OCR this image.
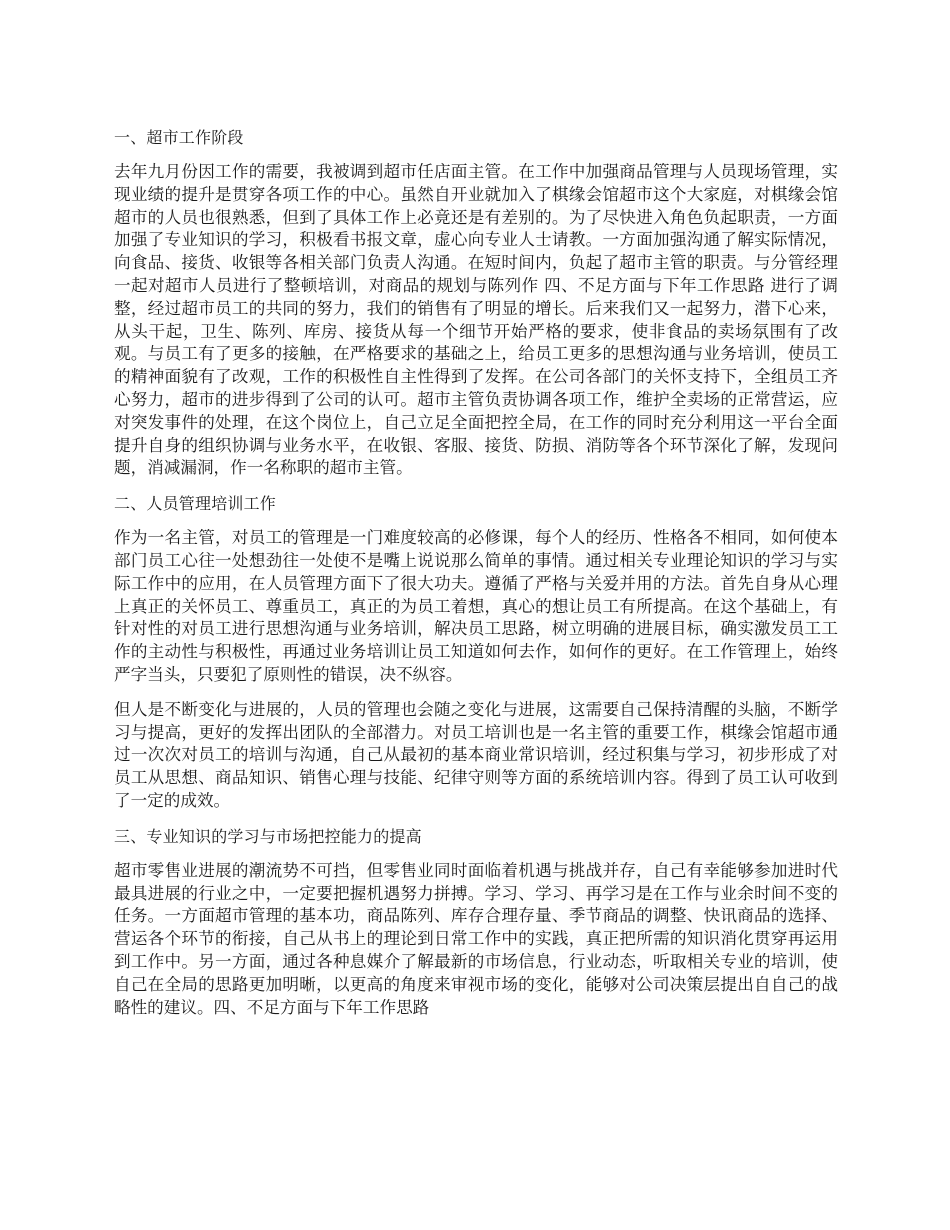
一、超市工作阶段
去年九月份因工作的需要，我被调到超市任店面主管。在工作中加强商品管理与人员现场管理，实现业绩的提升是贯穿各项工作的中心。虽然自开业就加入了棋缘会馆超市这个大家庭，对棋缘会馆超市的人员也很熟悉，但到了具体工作上必竟还是有差别的。为了尽快进入角色负起职责，一方面加强了专业知识的学习，积极看书报文章，虚心向专业人士请教。一方面加强沟通了解实际情况，向食品、接货、收银等各相关部门负责人沟通。在短时间内，负起了超市主管的职责。与分管经理一起对超市人员进行了整顿培训，对商品的规划与陈列作 四、不足方面与下年工作思路 进行了调整，经过超市员工的共同的努力，我们的销售有了明显的增长。后来我们又一起努力，潜下心来，从头干起，卫生、陈列、库房、接货从每一个细节开始严格的要求，使非食品的卖场氛围有了改观。与员工有了更多的接触，在严格要求的基础之上，给员工更多的思想沟通与业务培训，使员工的精神面貌有了改观，工作的积极性自主性得到了发挥。在公司各部门的关怀支持下，全组员工齐心努力，超市的进步得到了公司的认可。超市主管负责协调各项工作，维护全卖场的正常营运，应对突发事件的处理，在这个岗位上，自己立足全面把控全局，在工作的同时充分利用这一平台全面提升自身的组织协调与业务水平，在收银、客服、接货、防损、消防等各个环节深化了解，发现问题，消减漏洞，作一名称职的超市主管。
二、人员管理培训工作
作为一名主管，对员工的管理是一门难度较高的必修课，每个人的经历、性格各不相同，如何使本部门员工心往一处想劲往一处使不是嘴上说说那么简单的事情。通过相关专业理论知识的学习与实际工作中的应用，在人员管理方面下了很大功夫。遵循了严格与关爱并用的方法。首先自身从心理上真正的关怀员工、尊重员工，真正的为员工着想，真心的想让员工有所提高。在这个基础上，有针对性的对员工进行思想沟通与业务培训，解决员工思路，树立明确的进展目标，确实激发员工工作的主动性与积极性，再通过业务培训让员工知道如何去作，如何作的更好。在工作管理上，始终严字当头，只要犯了原则性的错误，决不纵容。
但人是不断变化与进展的，人员的管理也会随之变化与进展，这需要自己保持清醒的头脑，不断学习与提高，更好的发挥出团队的全部潜力。对员工培训也是一名主管的重要工作，棋缘会馆超市通过一次次对员工的培训与沟通，自己从最初的基本商业常识培训，经过积集与学习，初步形成了对员工从思想、商品知识、销售心理与技能、纪律守则等方面的系统培训内容。得到了员工认可收到了一定的成效。
三、专业知识的学习与市场把控能力的提高
超市零售业进展的潮流势不可挡，但零售业同时面临着机遇与挑战并存，自己有幸能够参加进时代最具进展的行业之中，一定要把握机遇努力拼搏。学习、学习、再学习是在工作与业余时间不变的任务。一方面超市管理的基本功，商品陈列、库存合理存量、季节商品的调整、快讯商品的选择、营运各个环节的衔接，自己从书上的理论到日常工作中的实践，真正把所需的知识消化贯穿再运用到工作中。另一方面，通过各种息媒介了解最新的市场信息，行业动态，听取相关专业的培训，使自己在全局的思路更加明晰，以更高的角度来审视市场的变化，能够对公司决策层提出自自己的战略性的建议。四、不足方面与下年工作思路
